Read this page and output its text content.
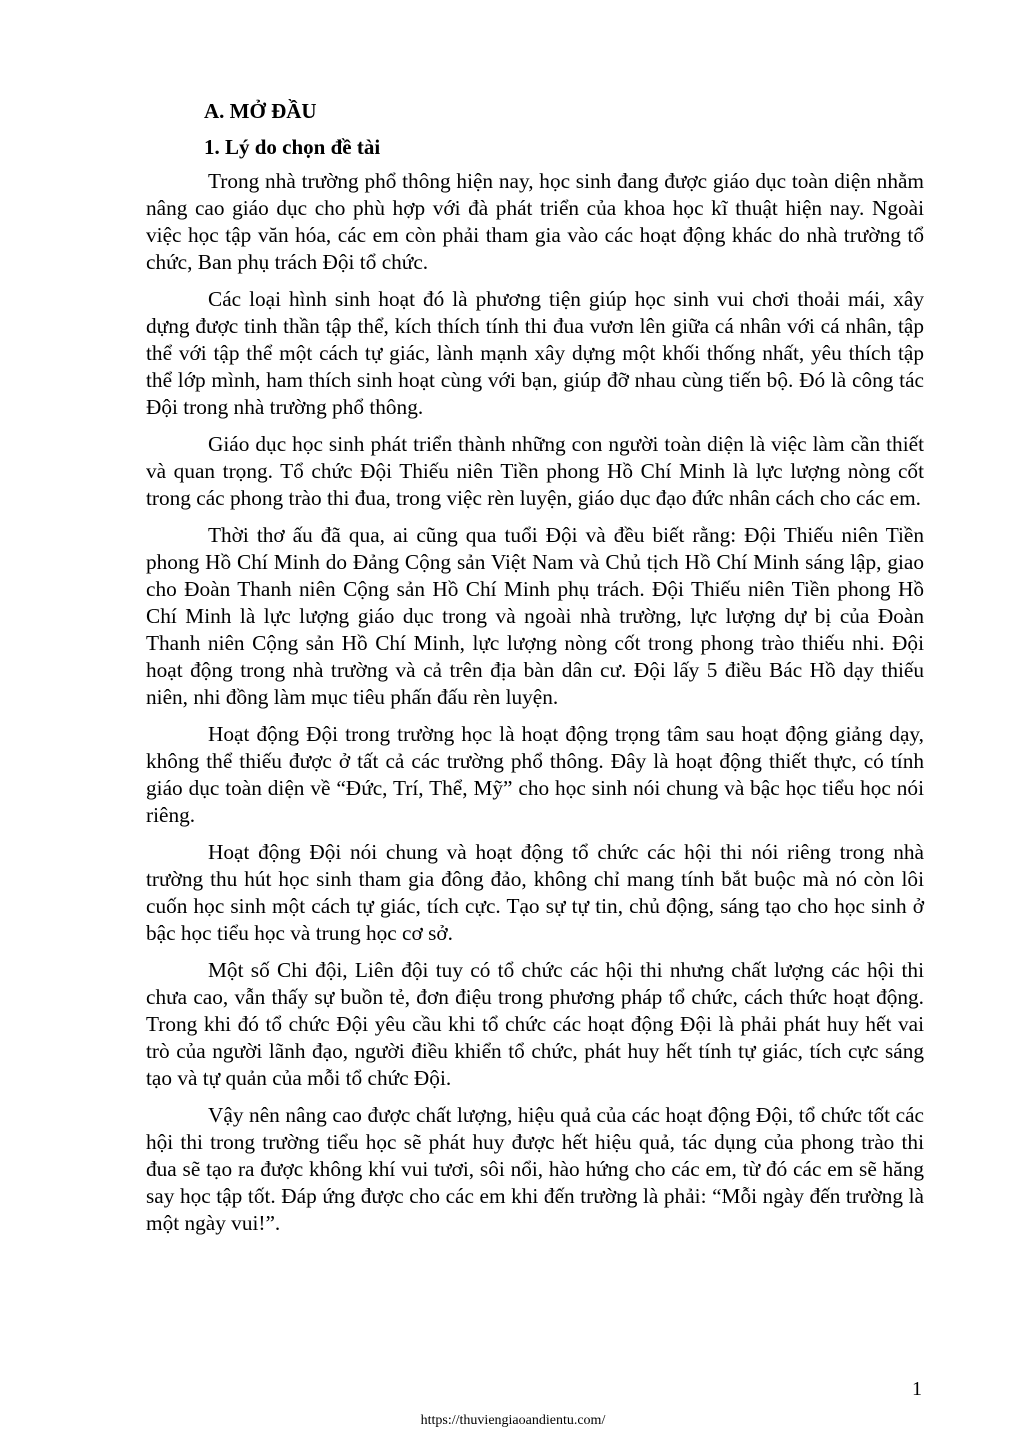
A. MỞ ĐẦU
1. Lý do chọn đề tài

Trong nhà trường phổ thông hiện nay, học sinh đang được giáo dục toàn diện nhằm nâng cao giáo dục cho phù hợp với đà phát triển của khoa học kĩ thuật hiện nay. Ngoài việc học tập văn hóa, các em còn phải tham gia vào các hoạt động khác do nhà trường tổ chức, Ban phụ trách Đội tổ chức.

Các loại hình sinh hoạt đó là phương tiện giúp học sinh vui chơi thoải mái, xây dựng được tinh thần tập thể, kích thích tính thi đua vươn lên giữa cá nhân với cá nhân, tập thể với tập thể một cách tự giác, lành mạnh xây dựng một khối thống nhất, yêu thích tập thể lớp mình, ham thích sinh hoạt cùng với bạn, giúp đỡ nhau cùng tiến bộ. Đó là công tác Đội trong nhà trường phổ thông.

Giáo dục học sinh phát triển thành những con người toàn diện là việc làm cần thiết và quan trọng. Tổ chức Đội Thiếu niên Tiền phong Hồ Chí Minh là lực lượng nòng cốt trong các phong trào thi đua, trong việc rèn luyện, giáo dục đạo đức nhân cách cho các em.

Thời thơ ấu đã qua, ai cũng qua tuổi Đội và đều biết rằng: Đội Thiếu niên Tiền phong Hồ Chí Minh do Đảng Cộng sản Việt Nam và Chủ tịch Hồ Chí Minh sáng lập, giao cho Đoàn Thanh niên Cộng sản Hồ Chí Minh phụ trách. Đội Thiếu niên Tiền phong Hồ Chí Minh là lực lượng giáo dục trong và ngoài nhà trường, lực lượng dự bị của Đoàn Thanh niên Cộng sản Hồ Chí Minh, lực lượng nòng cốt trong phong trào thiếu nhi. Đội hoạt động trong nhà trường và cả trên địa bàn dân cư. Đội lấy 5 điều Bác Hồ dạy thiếu niên, nhi đồng làm mục tiêu phấn đấu rèn luyện.

Hoạt động Đội trong trường học là hoạt động trọng tâm sau hoạt động giảng dạy, không thể thiếu được ở tất cả các trường phổ thông. Đây là hoạt động thiết thực, có tính giáo dục toàn diện về “Đức, Trí, Thể, Mỹ” cho học sinh nói chung và bậc học tiểu học nói riêng.

Hoạt động Đội nói chung và hoạt động tổ chức các hội thi nói riêng trong nhà trường thu hút học sinh tham gia đông đảo, không chỉ mang tính bắt buộc mà nó còn lôi cuốn học sinh một cách tự giác, tích cực. Tạo sự tự tin, chủ động, sáng tạo cho học sinh ở bậc học tiểu học và trung học cơ sở.

Một số Chi đội, Liên đội tuy có tổ chức các hội thi nhưng chất lượng các hội thi chưa cao, vẫn thấy sự buồn tẻ, đơn điệu trong phương pháp tổ chức, cách thức hoạt động. Trong khi đó tổ chức Đội yêu cầu khi tổ chức các hoạt động Đội là phải phát huy hết vai trò của người lãnh đạo, người điều khiển tổ chức, phát huy hết tính tự giác, tích cực sáng tạo và tự quản của mỗi tổ chức Đội.

Vậy nên nâng cao được chất lượng, hiệu quả của các hoạt động Đội, tổ chức tốt các hội thi trong trường tiểu học sẽ phát huy được hết hiệu quả, tác dụng của phong trào thi đua sẽ tạo ra được không khí vui tươi, sôi nổi, hào hứng cho các em, từ đó các em sẽ hăng say học tập tốt. Đáp ứng được cho các em khi đến trường là phải: “Mỗi ngày đến trường là một ngày vui!”.

1
https://thuviengiaoandientu.com/
